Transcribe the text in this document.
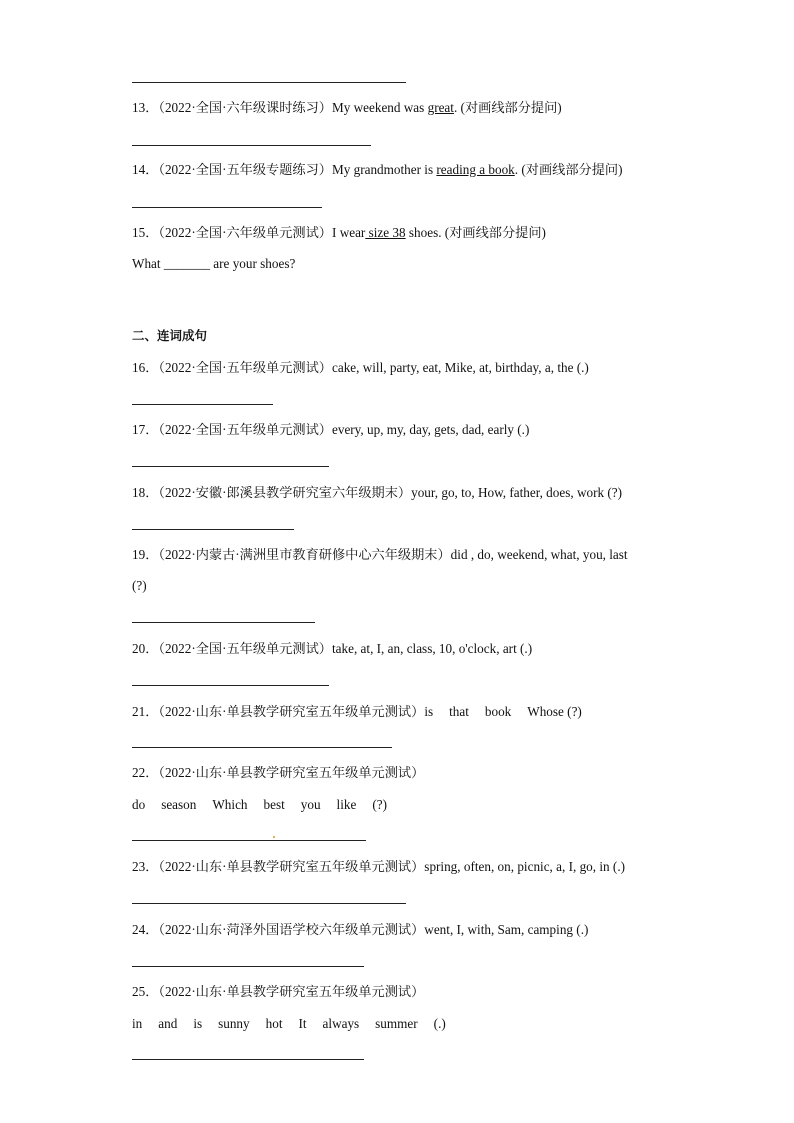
13．（2022·全国·六年级课时练习）My weekend was great. (对画线部分提问)
14．（2022·全国·五年级专题练习）My grandmother is reading a book. (对画线部分提问)
15．（2022·全国·六年级单元测试）I wear size 38 shoes. (对画线部分提问)
What _______ are your shoes?
二、连词成句
16．（2022·全国·五年级单元测试）cake, will, party, eat, Mike, at, birthday, a, the (.)
17．（2022·全国·五年级单元测试）every, up, my, day, gets, dad, early (.)
18．（2022·安徽·郎溪县教学研究室六年级期末）your, go, to, How, father, does, work (?)
19．（2022·内蒙古·满洲里市教育研修中心六年级期末）did , do, weekend, what, you, last
(?)
20．（2022·全国·五年级单元测试）take, at, I, an, class, 10, o'clock, art (.)
21．（2022·山东·单县教学研究室五年级单元测试）is that book Whose (?)
22．（2022·山东·单县教学研究室五年级单元测试）
do season Which best you like (?)
23．（2022·山东·单县教学研究室五年级单元测试）spring, often, on, picnic, a, I, go, in (.)
24．（2022·山东·菏泽外国语学校六年级单元测试）went, I, with, Sam, camping (.)
25．（2022·山东·单县教学研究室五年级单元测试）
in and is sunny hot It always summer (.)
